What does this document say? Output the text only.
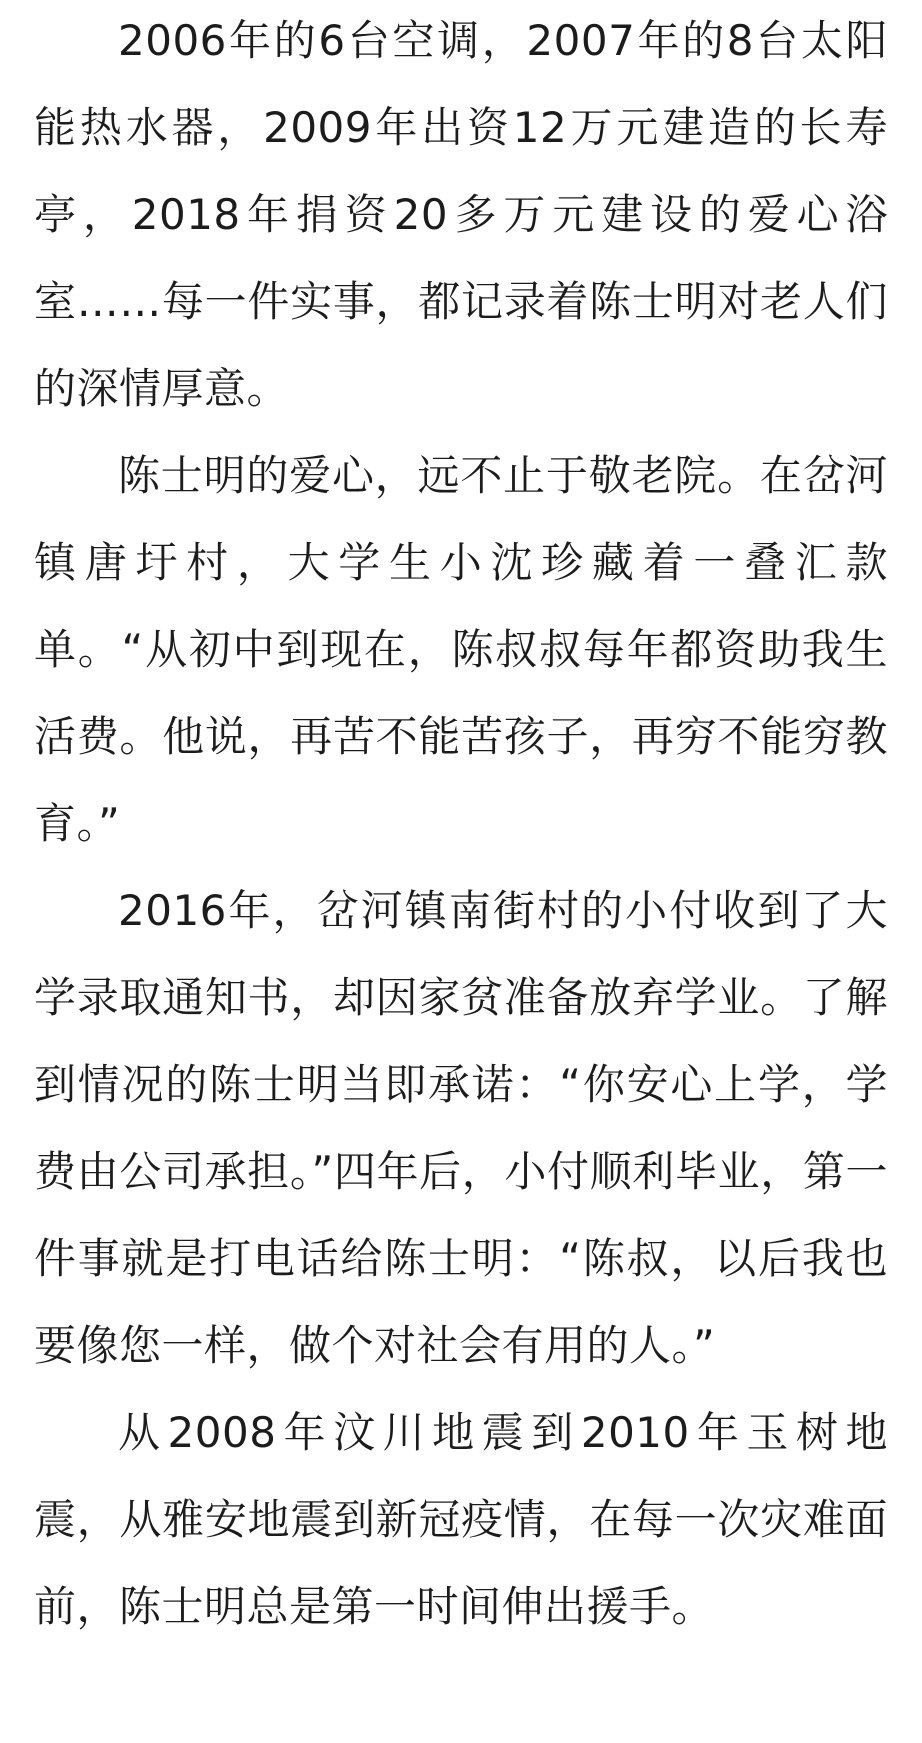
2006年的6台空调，2007年的8台太阳能热水器，2009年出资12万元建造的长寿亭，2018年捐资20多万元建设的爱心浴室……每一件实事，都记录着陈士明对老人们的深情厚意。

陈士明的爱心，远不止于敬老院。在岔河镇唐圩村，大学生小沈珍藏着一叠汇款单。“从初中到现在，陈叔叔每年都资助我生活费。他说，再苦不能苦孩子，再穷不能穷教育。”

2016年，岔河镇南街村的小付收到了大学录取通知书，却因家贫准备放弃学业。了解到情况的陈士明当即承诺：“你安心上学，学费由公司承担。”四年后，小付顺利毕业，第一件事就是打电话给陈士明：“陈叔，以后我也要像您一样，做个对社会有用的人。”

从2008年汶川地震到2010年玉树地震，从雅安地震到新冠疫情，在每一次灾难面前，陈士明总是第一时间伸出援手。
